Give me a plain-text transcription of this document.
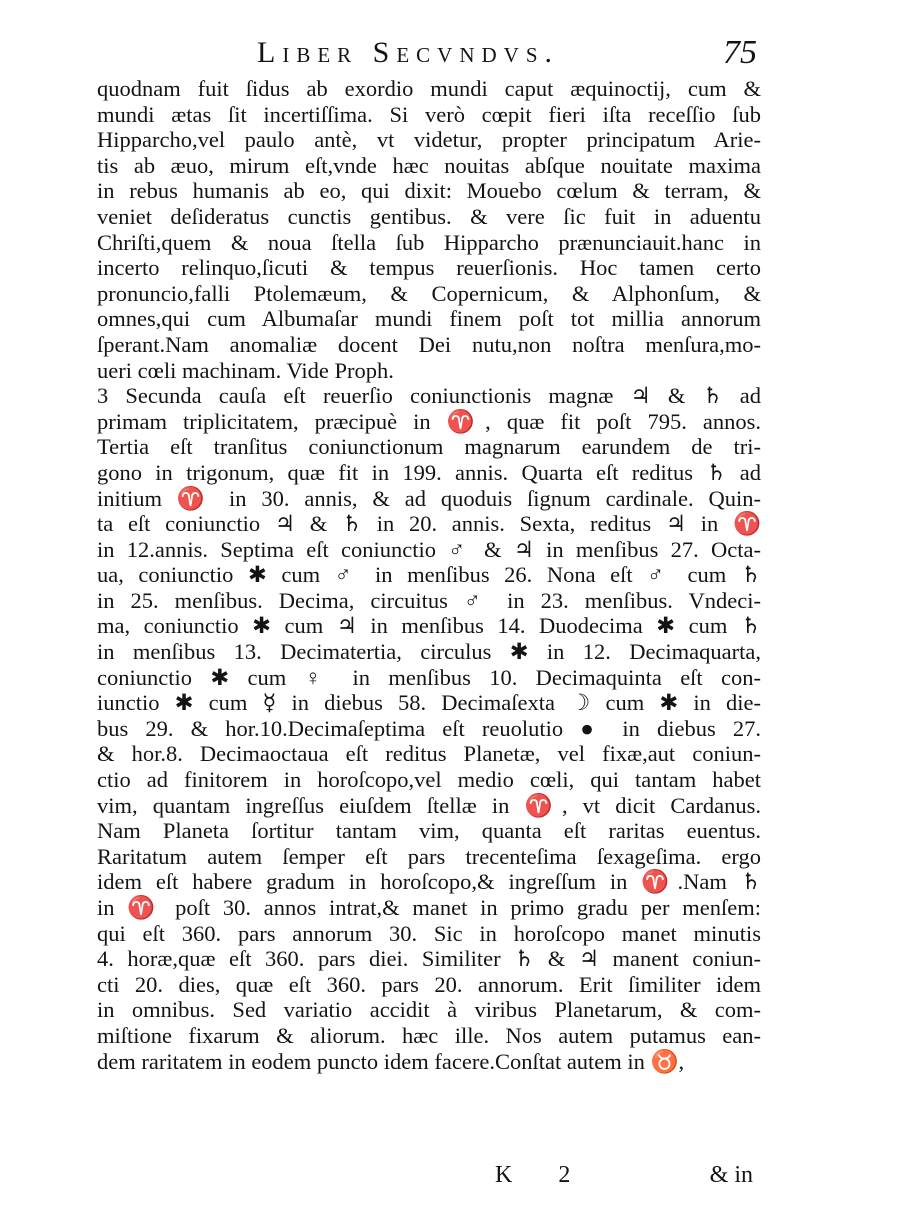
Liber Secvndvs.	75
quodnam fuit ſidus ab exordio mundi caput æquinoctij, cum &
mundi ætas ſit incertiſſima. Si verò cœpit fieri iſta receſſio ſub
Hipparcho,vel paulo antè, vt videtur, propter principatum Arie-
tis ab æuo, mirum eſt,vnde hæc nouitas abſque nouitate maxima
in rebus humanis ab eo, qui dixit: Mouebo cœlum & terram, &
veniet deſideratus cunctis gentibus. & vere ſic fuit in aduentu
Chriſti,quem & noua ſtella ſub Hipparcho prænunciauit.hanc in
incerto relinquo,ſicuti & tempus reuerſionis. Hoc tamen certo
pronuncio,falli Ptolemæum, & Copernicum, & Alphonſum, &
omnes,qui cum Albumaſar mundi finem poſt tot millia annorum
ſperant.Nam anomaliæ docent Dei nutu,non noſtra menſura,mo-
ueri cœli machinam. Vide Proph.
3 Secunda cauſa eſt reuerſio coniunctionis magnæ ♃ & ♄ ad
primam triplicitatem, præcipuè in ♈, quæ fit poſt 795. annos.
Tertia eſt tranſitus coniunctionum magnarum earundem de tri-
gono in trigonum, quæ fit in 199. annis. Quarta eſt reditus ♄ ad
initium ♈ in 30. annis, & ad quoduis ſignum cardinale. Quin-
ta eſt coniunctio ♃ & ♄ in 20. annis. Sexta, reditus ♃ in ♈
in 12.annis. Septima eſt coniunctio ♂ & ♃ in menſibus 27. Octa-
ua, coniunctio ✱ cum ♂ in menſibus 26. Nona eſt ♂ cum ♄
in 25. menſibus. Decima, circuitus ♂ in 23. menſibus. Vndeci-
ma, coniunctio ✱ cum ♃ in menſibus 14. Duodecima ✱ cum ♄
in menſibus 13. Decimatertia, circulus ✱ in 12. Decimaquarta,
coniunctio ✱ cum ♀ in menſibus 10. Decimaquinta eſt con-
iunctio ✱ cum ☿ in diebus 58. Decimaſexta ☽ cum ✱ in die-
bus 29. & hor.10.Decimaſeptima eſt reuolutio ● in diebus 27.
& hor.8. Decimaoctaua eſt reditus Planetæ, vel fixæ,aut coniun-
ctio ad finitorem in horoſcopo,vel medio cœli, qui tantam habet
vim, quantam ingreſſus eiuſdem ſtellæ in ♈, vt dicit Cardanus.
Nam Planeta ſortitur tantam vim, quanta eſt raritas euentus.
Raritatum autem ſemper eſt pars trecenteſima ſexageſima. ergo
idem eſt habere gradum in horoſcopo,& ingreſſum in ♈.Nam ♄
in ♈ poſt 30. annos intrat,& manet in primo gradu per menſem:
qui eſt 360. pars annorum 30. Sic in horoſcopo manet minutis
4. horæ,quæ eſt 360. pars diei. Similiter ♄ & ♃ manent coniun-
cti 20. dies, quæ eſt 360. pars 20. annorum. Erit ſimiliter idem
in omnibus. Sed variatio accidit à viribus Planetarum, & com-
miſtione fixarum & aliorum. hæc ille. Nos autem putamus ean-
dem raritatem in eodem puncto idem facere.Conſtat autem in ♉,
K 2	& in
